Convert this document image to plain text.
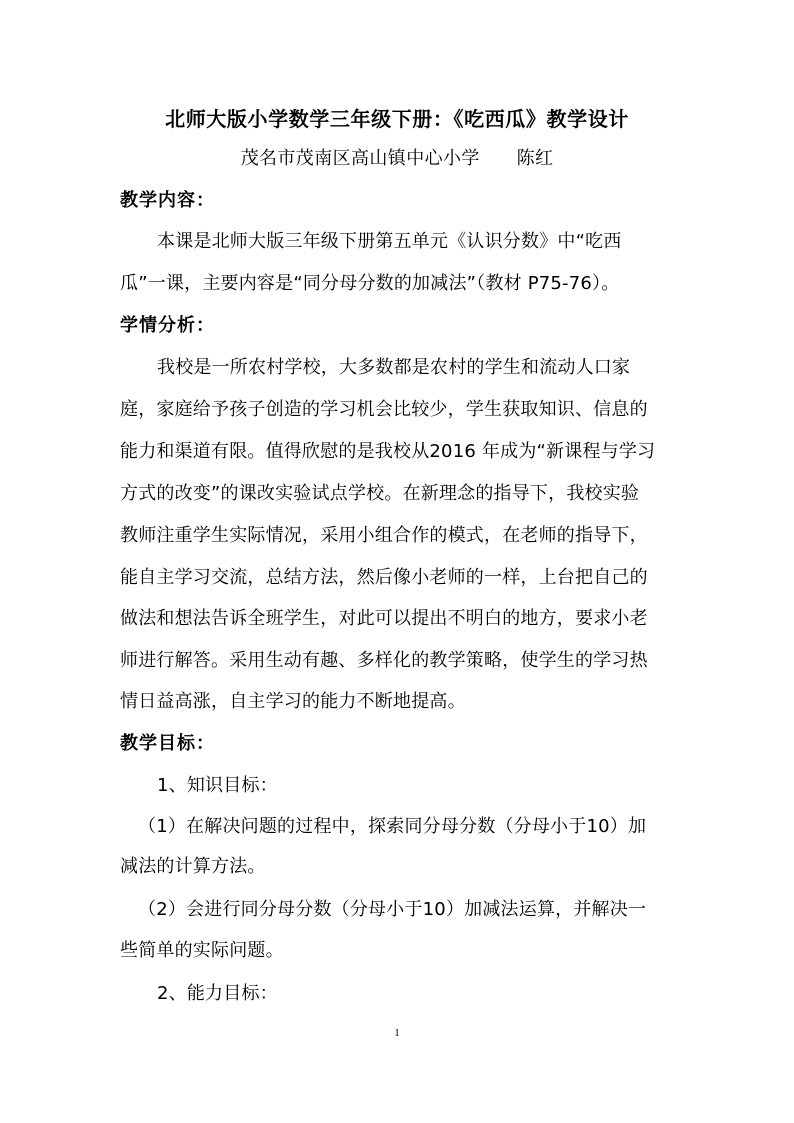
北师大版小学数学三年级下册：《吃西瓜》教学设计
茂名市茂南区高山镇中心小学　　陈红
教学内容：
本课是北师大版三年级下册第五单元《认识分数》中“吃西
瓜”一课，主要内容是“同分母分数的加减法”（教材 P75-76）。
学情分析：
我校是一所农村学校，大多数都是农村的学生和流动人口家
庭，家庭给予孩子创造的学习机会比较少，学生获取知识、信息的
能力和渠道有限。值得欣慰的是我校从2016 年成为“新课程与学习
方式的改变”的课改实验试点学校。在新理念的指导下，我校实验
教师注重学生实际情况，采用小组合作的模式，在老师的指导下，
能自主学习交流，总结方法，然后像小老师的一样，上台把自己的
做法和想法告诉全班学生，对此可以提出不明白的地方，要求小老
师进行解答。采用生动有趣、多样化的教学策略，使学生的学习热
情日益高涨，自主学习的能力不断地提高。
教学目标：
1、知识目标：
（1）在解决问题的过程中，探索同分母分数（分母小于10）加
减法的计算方法。
（2）会进行同分母分数（分母小于10）加减法运算，并解决一
些简单的实际问题。
2、能力目标：
1
